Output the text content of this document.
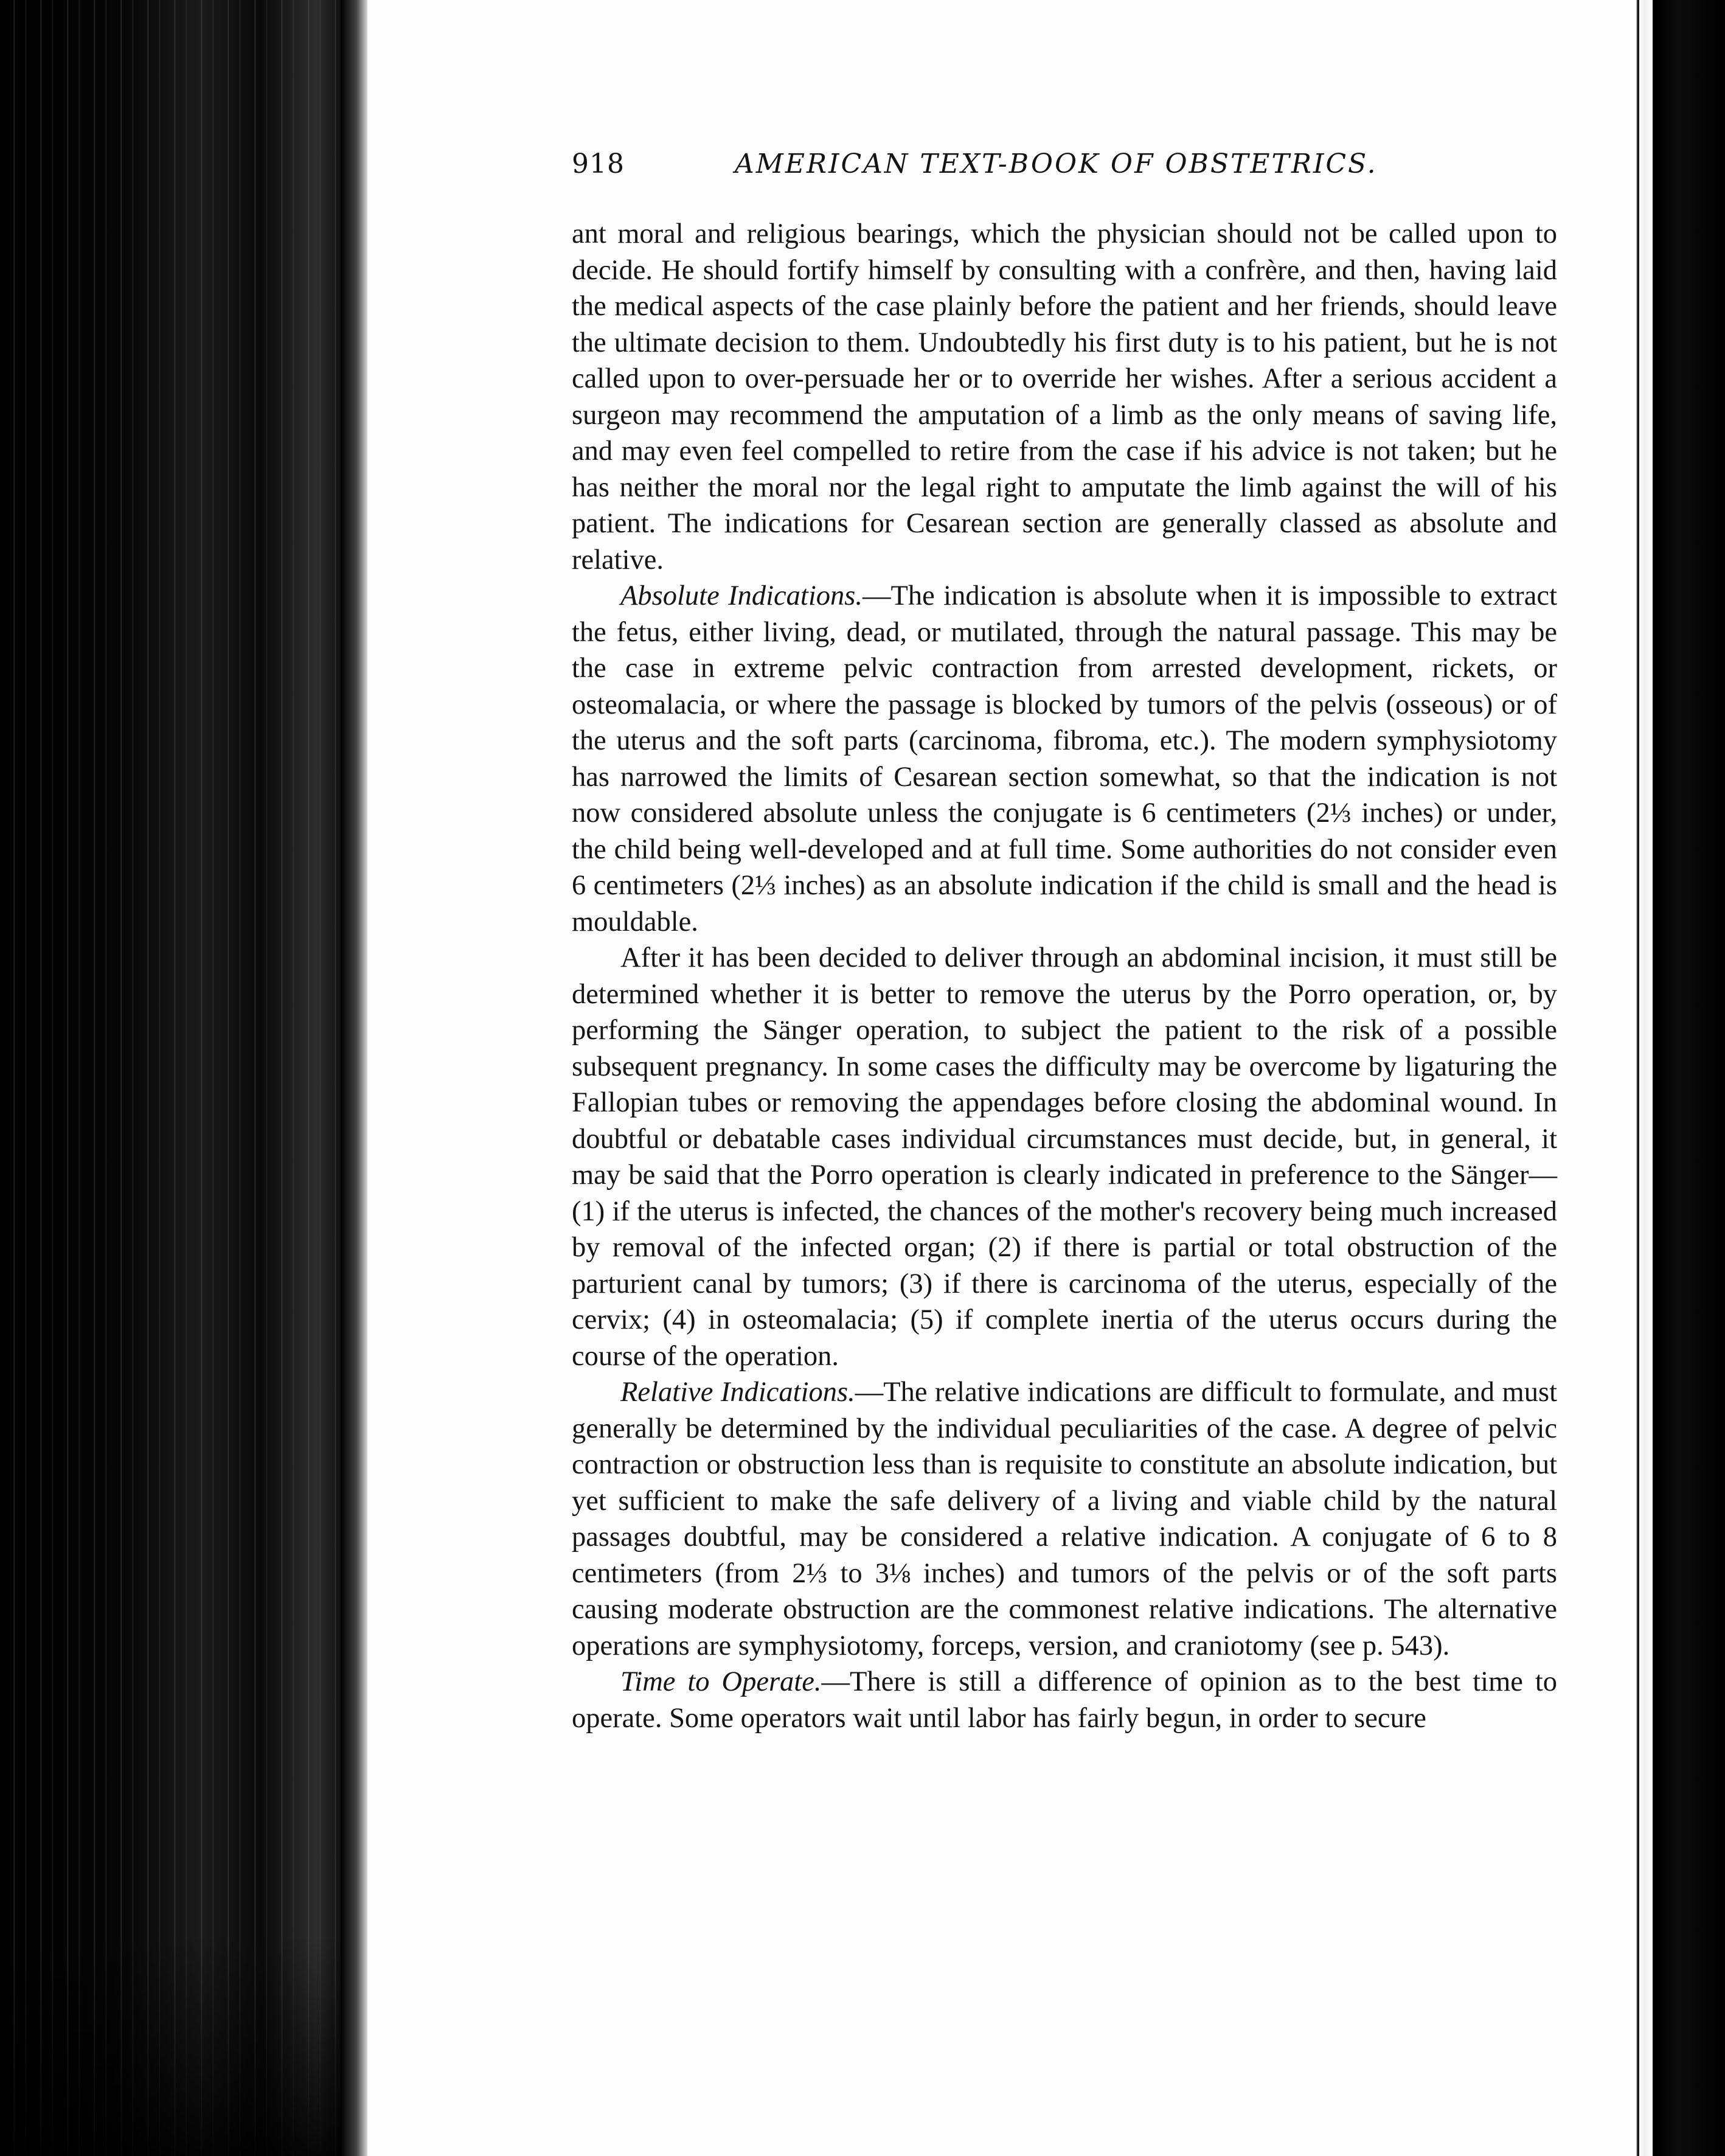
918	AMERICAN TEXT-BOOK OF OBSTETRICS.

ant moral and religious bearings, which the physician should not be called upon to decide. He should fortify himself by consulting with a confrère, and then, having laid the medical aspects of the case plainly before the patient and her friends, should leave the ultimate decision to them. Undoubtedly his first duty is to his patient, but he is not called upon to over-persuade her or to override her wishes. After a serious accident a surgeon may recommend the amputation of a limb as the only means of saving life, and may even feel compelled to retire from the case if his advice is not taken; but he has neither the moral nor the legal right to amputate the limb against the will of his patient. The indications for Cesarean section are generally classed as absolute and relative.

Absolute Indications.—The indication is absolute when it is impossible to extract the fetus, either living, dead, or mutilated, through the natural passage. This may be the case in extreme pelvic contraction from arrested development, rickets, or osteomalacia, or where the passage is blocked by tumors of the pelvis (osseous) or of the uterus and the soft parts (carcinoma, fibroma, etc.). The modern symphysiotomy has narrowed the limits of Cesarean section somewhat, so that the indication is not now considered absolute unless the conjugate is 6 centimeters (2⅓ inches) or under, the child being well-developed and at full time. Some authorities do not consider even 6 centimeters (2⅓ inches) as an absolute indication if the child is small and the head is mouldable.

After it has been decided to deliver through an abdominal incision, it must still be determined whether it is better to remove the uterus by the Porro operation, or, by performing the Sänger operation, to subject the patient to the risk of a possible subsequent pregnancy. In some cases the difficulty may be overcome by ligaturing the Fallopian tubes or removing the appendages before closing the abdominal wound. In doubtful or debatable cases individual circumstances must decide, but, in general, it may be said that the Porro operation is clearly indicated in preference to the Sänger—(1) if the uterus is infected, the chances of the mother's recovery being much increased by removal of the infected organ; (2) if there is partial or total obstruction of the parturient canal by tumors; (3) if there is carcinoma of the uterus, especially of the cervix; (4) in osteomalacia; (5) if complete inertia of the uterus occurs during the course of the operation.

Relative Indications.—The relative indications are difficult to formulate, and must generally be determined by the individual peculiarities of the case. A degree of pelvic contraction or obstruction less than is requisite to constitute an absolute indication, but yet sufficient to make the safe delivery of a living and viable child by the natural passages doubtful, may be considered a relative indication. A conjugate of 6 to 8 centimeters (from 2⅓ to 3⅛ inches) and tumors of the pelvis or of the soft parts causing moderate obstruction are the commonest relative indications. The alternative operations are symphysiotomy, forceps, version, and craniotomy (see p. 543).

Time to Operate.—There is still a difference of opinion as to the best time to operate. Some operators wait until labor has fairly begun, in order to secure
